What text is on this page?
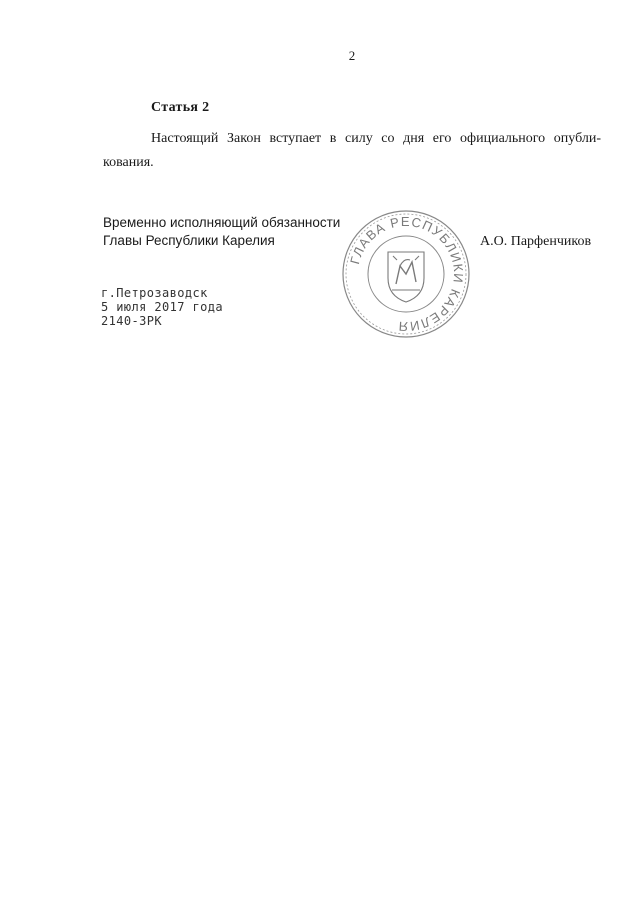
2
Статья 2
Настоящий Закон вступает в силу со дня его официального опубли-
кования.
Временно исполняющий обязанности
Главы Республики Карелия
ГЛАВА РЕСПУБЛИКИ КАРЕЛИЯ
А.О. Парфенчиков
г.Петрозаводск
5 июля 2017 года
2140-ЗРК
